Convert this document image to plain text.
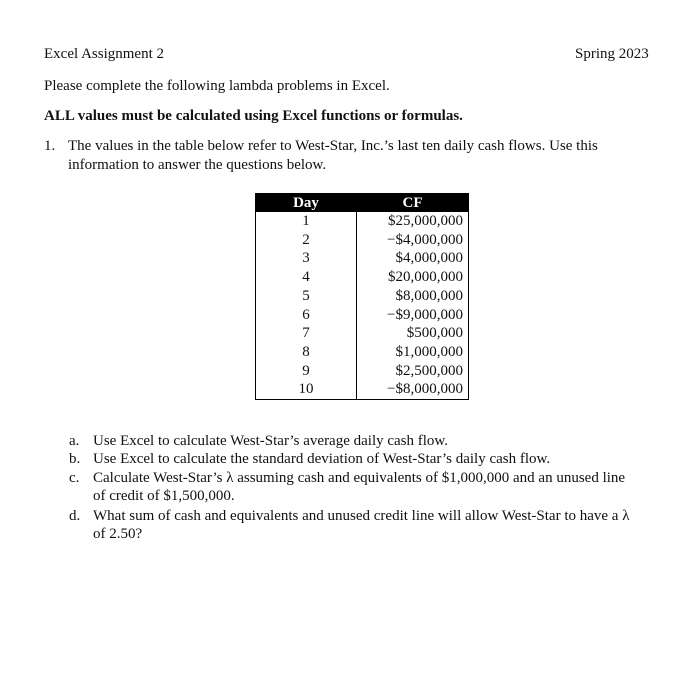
Excel Assignment 2	Spring 2023
Please complete the following lambda problems in Excel.
ALL values must be calculated using Excel functions or formulas.
1. The values in the table below refer to West-Star, Inc.’s last ten daily cash flows. Use this
information to answer the questions below.
Day	CF
1	$25,000,000
2	−$4,000,000
3	$4,000,000
4	$20,000,000
5	$8,000,000
6	−$9,000,000
7	$500,000
8	$1,000,000
9	$2,500,000
10	−$8,000,000
a. Use Excel to calculate West-Star’s average daily cash flow.
b. Use Excel to calculate the standard deviation of West-Star’s daily cash flow.
c. Calculate West-Star’s λ assuming cash and equivalents of $1,000,000 and an unused line
of credit of $1,500,000.
d. What sum of cash and equivalents and unused credit line will allow West-Star to have a λ
of 2.50?
